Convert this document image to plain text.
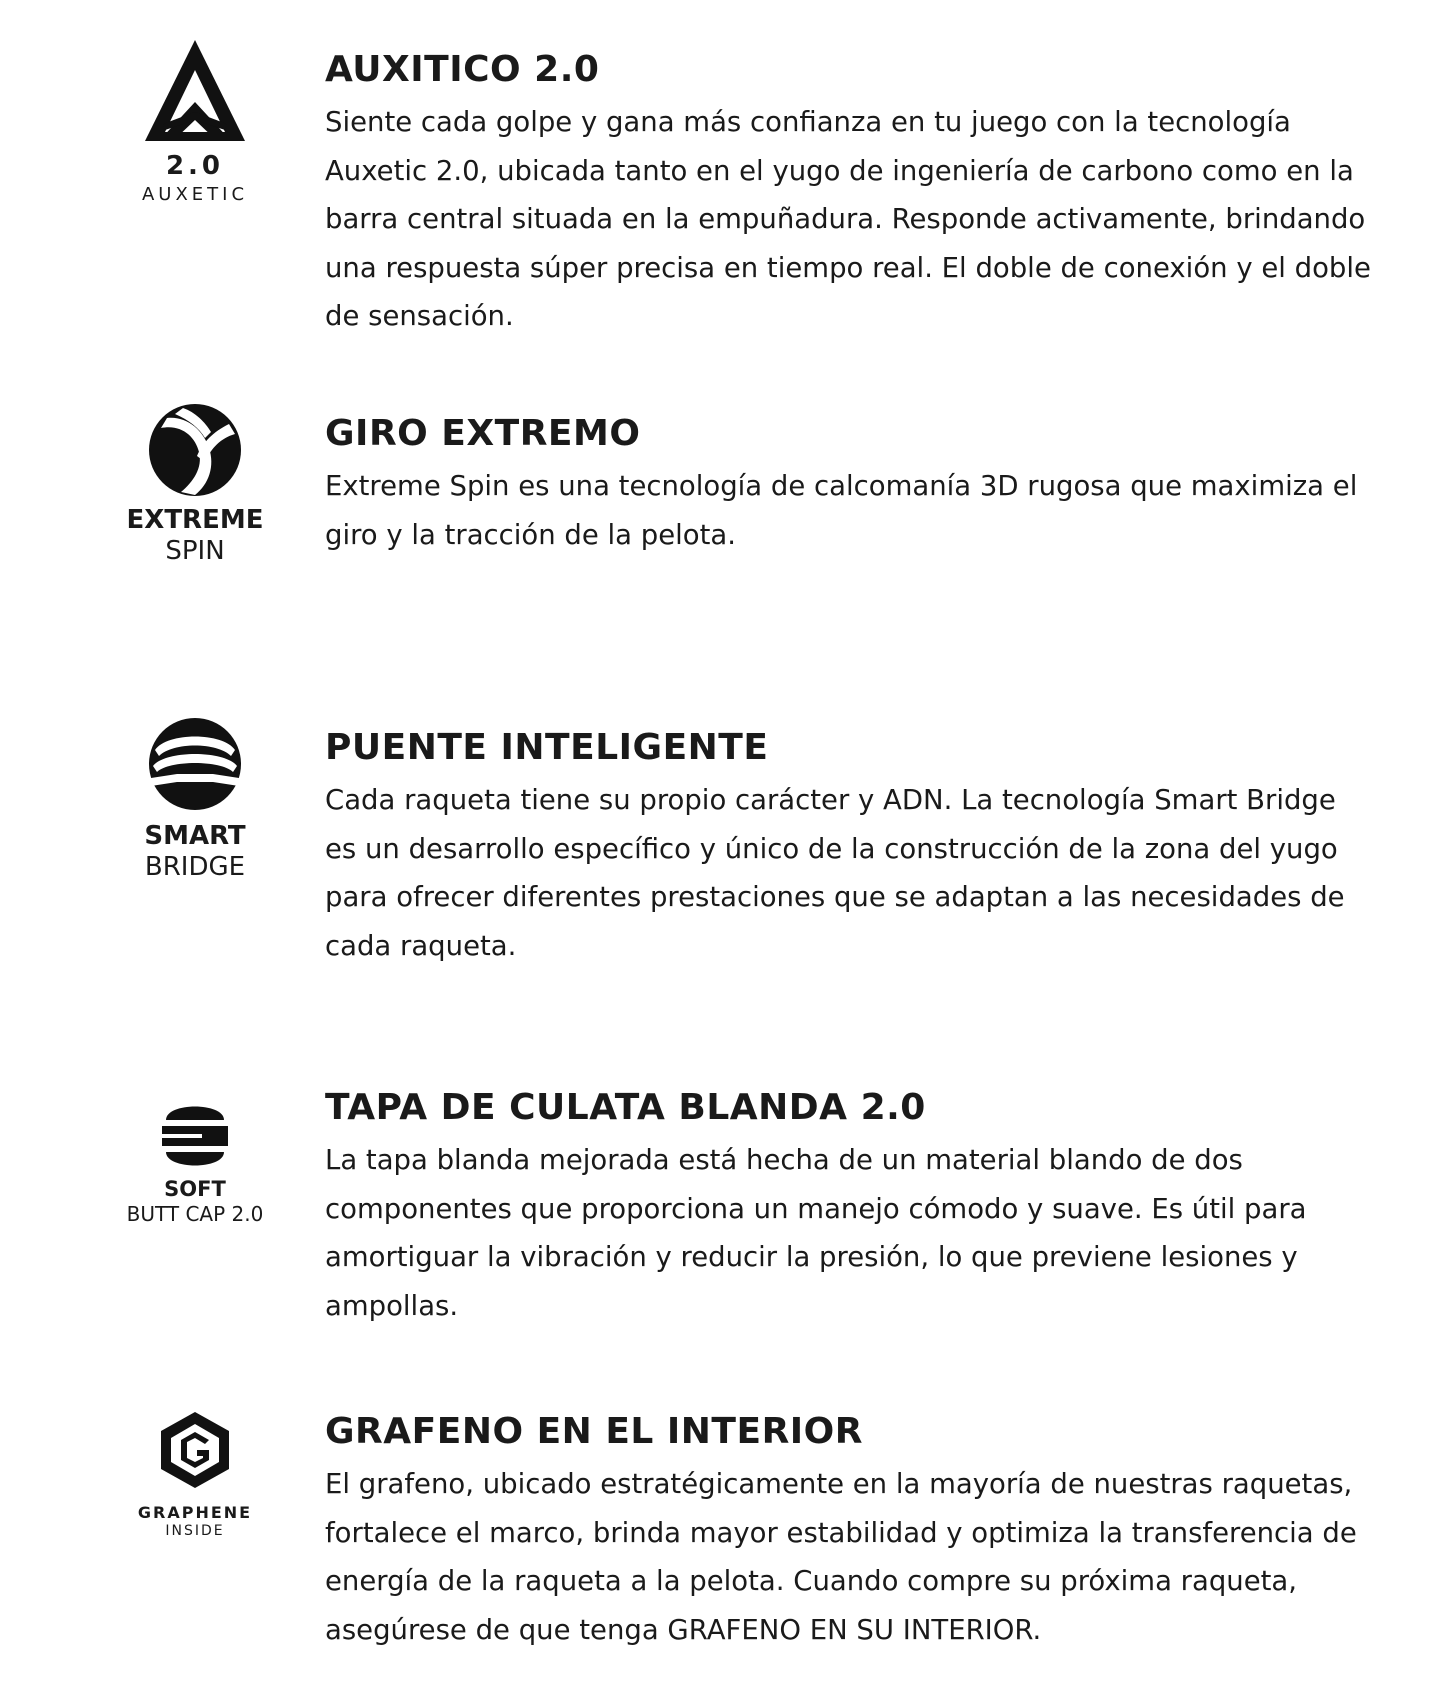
2.0
AUXETIC
AUXITICO 2.0

Siente cada golpe y gana más confianza en tu juego con la tecnología Auxetic 2.0, ubicada tanto en el yugo de ingeniería de carbono como en la barra central situada en la empuñadura. Responde activamente, brindando una respuesta súper precisa en tiempo real. El doble de conexión y el doble de sensación.

EXTREME
SPIN
GIRO EXTREMO

Extreme Spin es una tecnología de calcomanía 3D rugosa que maximiza el giro y la tracción de la pelota.

SMART
BRIDGE
PUENTE INTELIGENTE

Cada raqueta tiene su propio carácter y ADN. La tecnología Smart Bridge es un desarrollo específico y único de la construcción de la zona del yugo para ofrecer diferentes prestaciones que se adaptan a las necesidades de cada raqueta.

SOFT
BUTT CAP 2.0
TAPA DE CULATA BLANDA 2.0

La tapa blanda mejorada está hecha de un material blando de dos componentes que proporciona un manejo cómodo y suave. Es útil para amortiguar la vibración y reducir la presión, lo que previene lesiones y ampollas.

GRAPHENE
INSIDE
GRAFENO EN EL INTERIOR

El grafeno, ubicado estratégicamente en la mayoría de nuestras raquetas, fortalece el marco, brinda mayor estabilidad y optimiza la transferencia de energía de la raqueta a la pelota. Cuando compre su próxima raqueta, asegúrese de que tenga GRAFENO EN SU INTERIOR.
